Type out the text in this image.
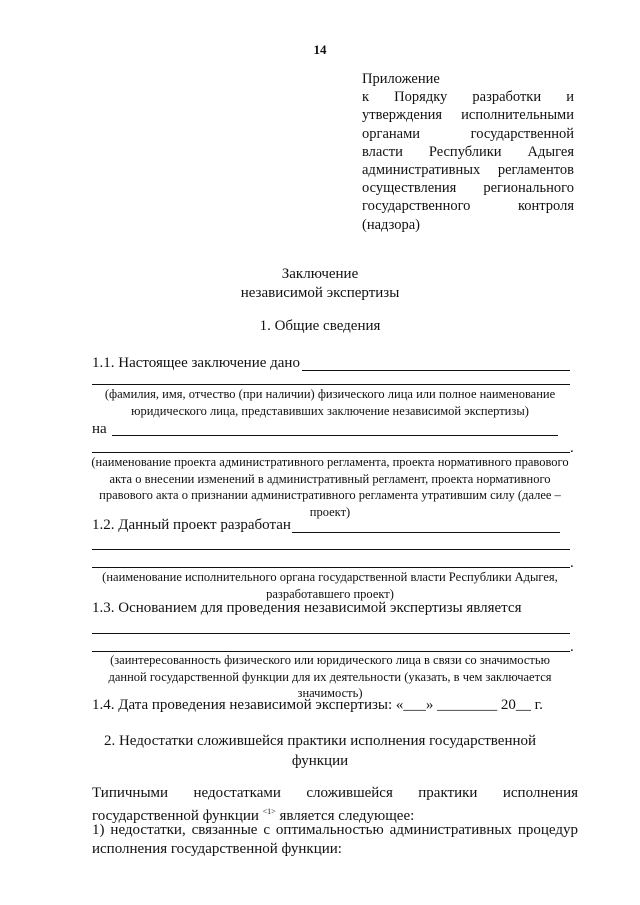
14
Приложение
к Порядку разработки и
утверждения исполнительными
органами государственной
власти Республики Адыгея
административных регламентов
осуществления регионального
государственного контроля
(надзора)
Заключение
независимой экспертизы
1. Общие сведения
1.1. Настоящее заключение дано
(фамилия, имя, отчество (при наличии) физического лица или полное наименование юридического лица, представивших заключение независимой экспертизы)
на
.
(наименование проекта административного регламента, проекта нормативного правового акта о внесении изменений в административный регламент, проекта нормативного правового акта о признании административного регламента утратившим силу (далее – проект)
1.2. Данный проект разработан
.
(наименование исполнительного органа государственной власти Республики Адыгея, разработавшего проект)
1.3. Основанием для проведения независимой экспертизы является
.
(заинтересованность физического или юридического лица в связи со значимостью данной государственной функции для их деятельности (указать, в чем заключается значимость)
1.4. Дата проведения независимой экспертизы: «___» ________ 20__ г.
2. Недостатки сложившейся практики исполнения государственной
функции
Типичными недостатками сложившейся практики исполнения
государственной функции $^{<1>}$ является следующее:
1) недостатки, связанные с оптимальностью административных процедур
исполнения государственной функции:
